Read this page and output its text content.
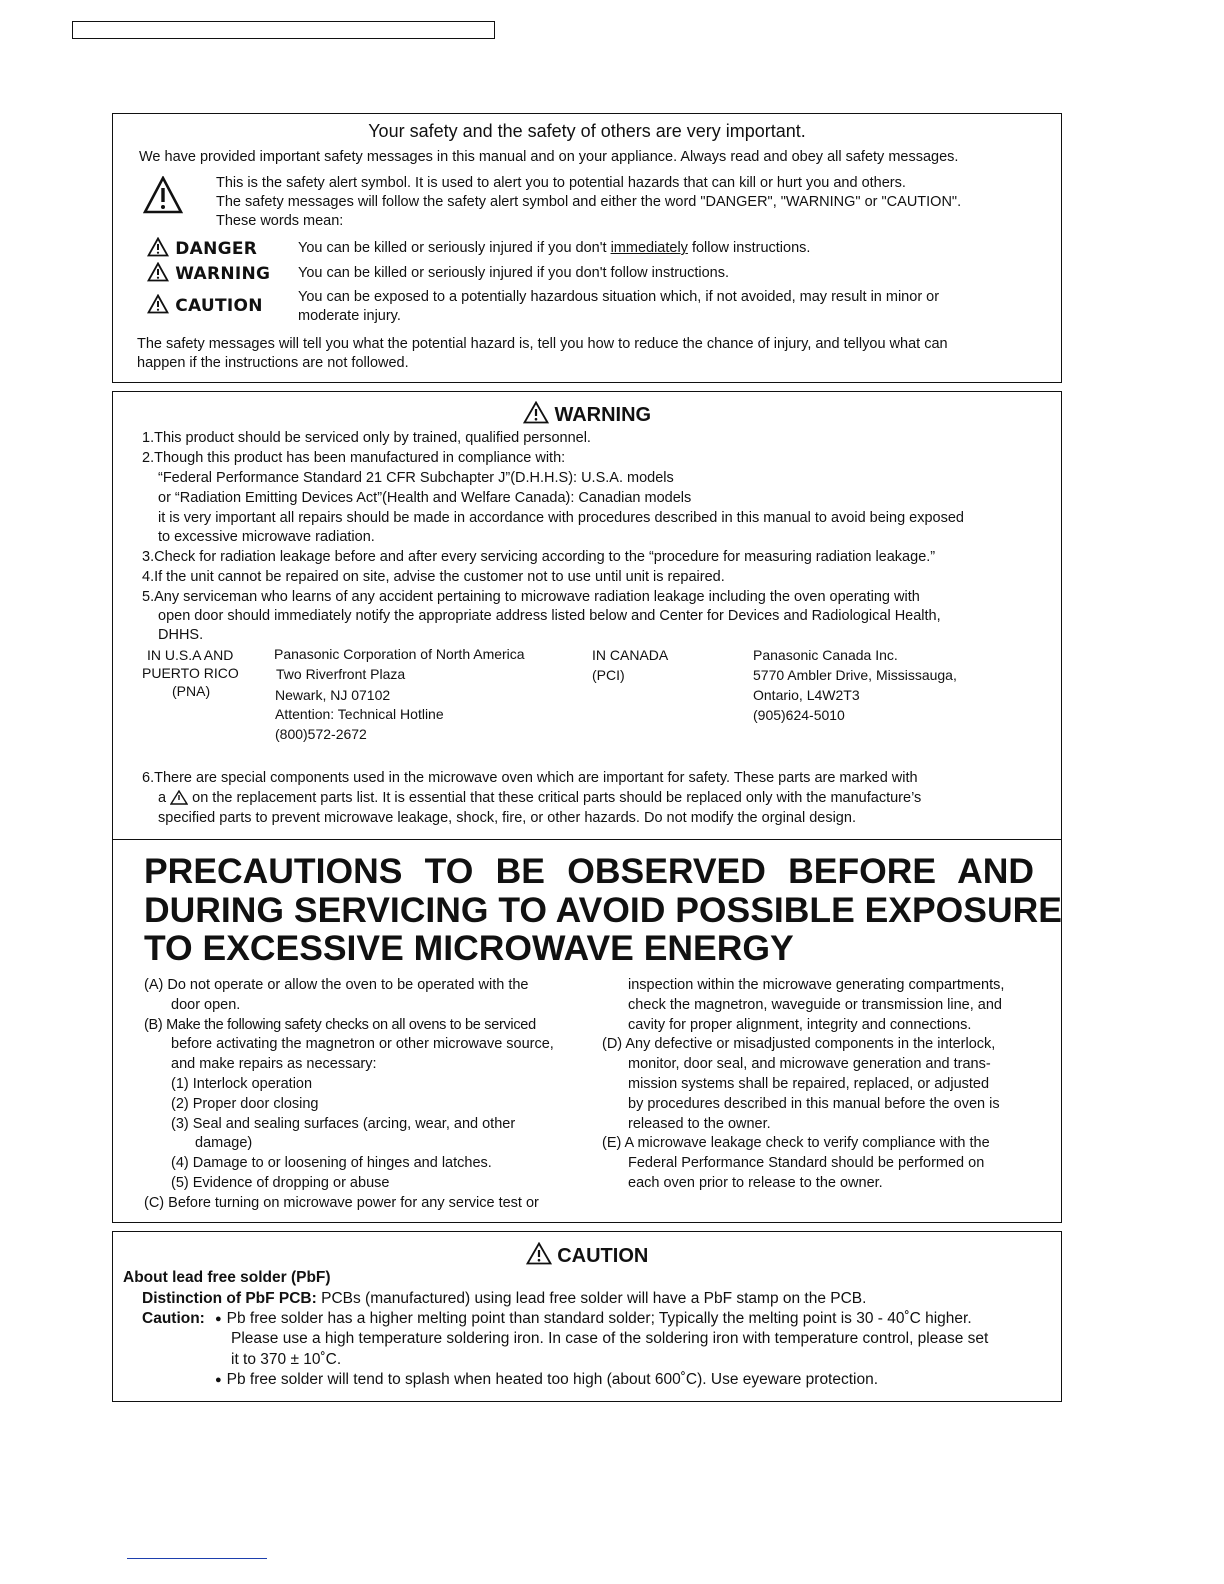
Your safety and the safety of others are very important.
We have provided important safety messages in this manual and on your appliance. Always read and obey all safety messages.
This is the safety alert symbol. It is used to alert you to potential hazards that can kill or hurt you and others.
The safety messages will follow the safety alert symbol and either the word "DANGER", "WARNING" or "CAUTION".
These words mean:
DANGER	You can be killed or seriously injured if you don't immediately follow instructions.
WARNING You can be killed or seriously injured if you don't follow instructions.
CAUTION You can be exposed to a potentially hazardous situation which, if not avoided, may result in minor or
moderate injury.
The safety messages will tell you what the potential hazard is, tell you how to reduce the chance of injury, and tellyou what can
happen if the instructions are not followed.
WARNING
1.This product should be serviced only by trained, qualified personnel.
2.Though this product has been manufactured in compliance with:
“Federal Performance Standard 21 CFR Subchapter J”(D.H.H.S): U.S.A. models
or “Radiation Emitting Devices Act”(Health and Welfare Canada): Canadian models
it is very important all repairs should be made in accordance with procedures described in this manual to avoid being exposed
to excessive microwave radiation.
3.Check for radiation leakage before and after every servicing according to the “procedure for measuring radiation leakage.”
4.If the unit cannot be repaired on site, advise the customer not to use until unit is repaired.
5.Any serviceman who learns of any accident pertaining to microwave radiation leakage including the oven operating with
open door should immediately notify the appropriate address listed below and Center for Devices and Radiological Health,
DHHS.
IN U.S.A AND
PUERTO RICO
(PNA)
Panasonic Corporation of North America
Two Riverfront Plaza
Newark, NJ 07102
Attention: Technical Hotline
(800)572-2672
IN CANADA
(PCI)
Panasonic Canada Inc.
5770 Ambler Drive, Mississauga,
Ontario, L4W2T3
(905)624-5010
6.There are special components used in the microwave oven which are important for safety. These parts are marked with
a  on the replacement parts list. It is essential that these critical parts should be replaced only with the manufacture’s
specified parts to prevent microwave leakage, shock, fire, or other hazards. Do not modify the orginal design.
PRECAUTIONS TO BE OBSERVED BEFORE AND
DURING SERVICING TO AVOID POSSIBLE EXPOSURE
TO EXCESSIVE MICROWAVE ENERGY
(A) Do not operate or allow the oven to be operated with the
door open.
(B) Make the following safety checks on all ovens to be serviced
before activating the magnetron or other microwave source,
and make repairs as necessary:
(1) Interlock operation
(2) Proper door closing
(3) Seal and sealing surfaces (arcing, wear, and other
damage)
(4) Damage to or loosening of hinges and latches.
(5) Evidence of dropping or abuse
(C) Before turning on microwave power for any service test or
inspection within the microwave generating compartments,
check the magnetron, waveguide or transmission line, and
cavity for proper alignment, integrity and connections.
(D) Any defective or misadjusted components in the interlock,
monitor, door seal, and microwave generation and trans-
mission systems shall be repaired, replaced, or adjusted
by procedures described in this manual before the oven is
released to the owner.
(E) A microwave leakage check to verify compliance with the
Federal Performance Standard should be performed on
each oven prior to release to the owner.
CAUTION
About lead free solder (PbF)
Distinction of PbF PCB: PCBs (manufactured) using lead free solder will have a PbF stamp on the PCB.
Caution:
●	Pb free solder has a higher melting point than standard solder; Typically the melting point is 30 - 40˚C higher.
Please use a high temperature soldering iron. In case of the soldering iron with temperature control, please set
it to 370 ± 10˚C.
● Pb free solder will tend to splash when heated too high (about 600˚C). Use eyeware protection.
